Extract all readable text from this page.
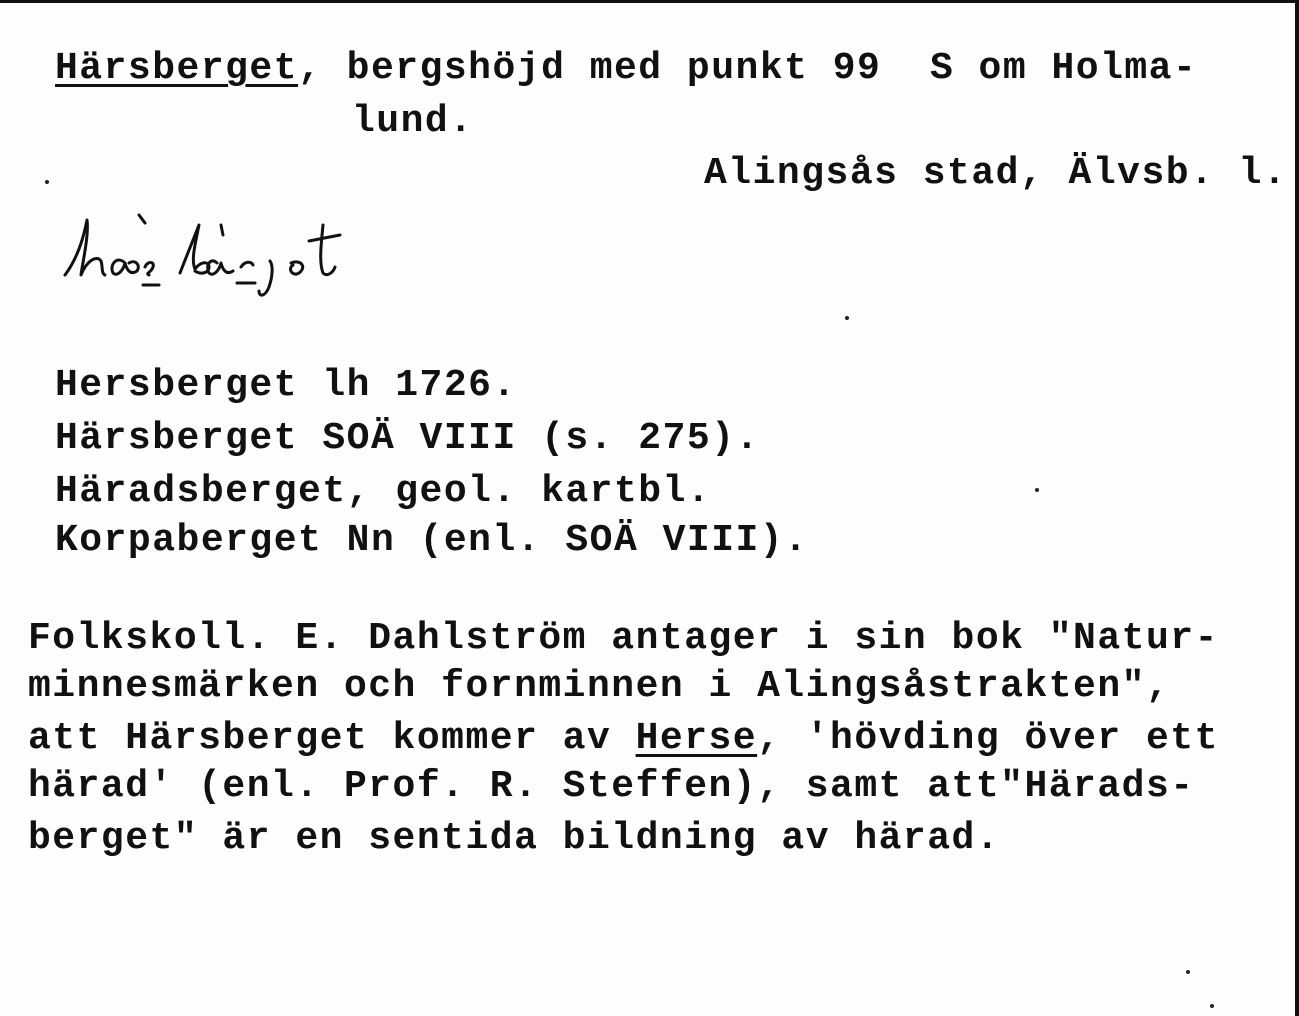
Härsberget, bergshöjd med punkt 99  S om Holma-
lund.
Alingsås stad, Älvsb. l.
hærbærjət
Hersberget lh 1726.
Härsberget SOÄ VIII (s. 275).
Häradsberget, geol. kartbl.
Korpaberget Nn (enl. SOÄ VIII).
Folkskoll. E. Dahlström antager i sin bok "Natur-
minnesmärken och fornminnen i Alingsåstrakten",
att Härsberget kommer av Herse, 'hövding över ett
härad' (enl. Prof. R. Steffen), samt att"Härads-
berget" är en sentida bildning av härad.
